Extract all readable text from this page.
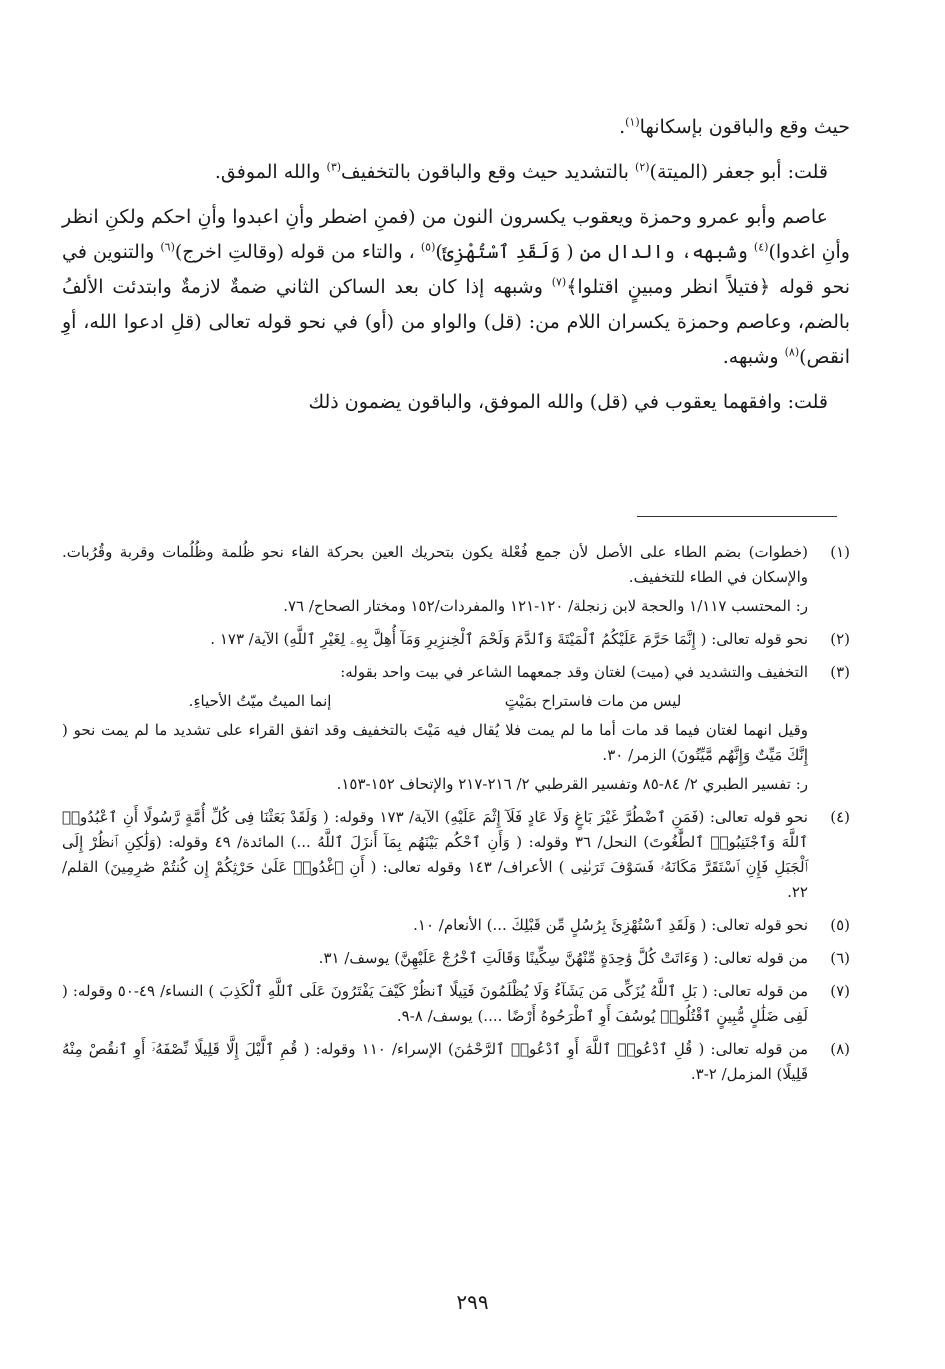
حيث وقع والباقون بإسكانها$^{(١)}$.

قلت: أبو جعفر (الميتة)$^{(٢)}$ بالتشديد حيث وقع والباقون بالتخفيف$^{(٣)}$ والله الموفق.

عاصم وأبو عمرو وحمزة ويعقوب يكسرون النون من (فمنِ اضطر وأنِ اعبدوا وأنِ احكم ولكنِ انظر وأنِ اغدوا)$^{(٤)}$ وشبهه، والدال من ( وَلَقَدِ ٱسْتُهْزِئَ)$^{(٥)}$ ، والتاء من قوله (وقالتِ اخرج)$^{(٦)}$ والتنوين في نحو قوله ﴿فتيلاً انظر ومبينٍ اقتلوا﴾$^{(٧)}$ وشبهه إذا كان بعد الساكن الثاني ضمةٌ لازمةٌ وابتدئت الألفُ بالضم، وعاصم وحمزة يكسران اللام من: (قل) والواو من (أو) في نحو قوله تعالى (قلِ ادعوا الله، أوِ انقص)$^{(٨)}$ وشبهه.

قلت: وافقهما يعقوب في (قل) والله الموفق، والباقون يضمون ذلك

(١)

(خطوات) بضم الطاء على الأصل لأن جمع فُعْلة يكون بتحريك العين بحركة الفاء نحو ظُلمة وظُلُمات وقربة وقُرُبات. والإسكان في الطاء للتخفيف.

ر: المحتسب ١/١١٧ والحجة لابن زنجلة/ ١٢٠-١٢١ والمفردات/١٥٢ ومختار الصحاح/ ٧٦.

(٢)

نحو قوله تعالى: ( إِنَّمَا حَرَّمَ عَلَيْكُمُ ٱلْمَيْتَةَ وَٱلدَّمَ وَلَحْمَ ٱلْخِنزِيرِ وَمَآ أُهِلَّ بِهِۦ لِغَيْرِ ٱللَّهِ) الآية/ ١٧٣ .

(٣)

التخفيف والتشديد في (ميت) لغتان وقد جمعهما الشاعر في بيت واحد بقوله:

ليس من مات فاستراح بمَيْتٍ
إنما الميتُ ميّتُ الأحياءِ.

وقيل انهما لغتان فيما قد مات أما ما لم يمت فلا يُقال فيه مَيْتَ بالتخفيف وقد اتفق القراء على تشديد ما لم يمت نحو ( إِنَّكَ مَيِّتٌ وَإِنَّهُم مَّيِّتُونَ) الزمر/ ٣٠.

ر: تفسير الطبري ٢/ ٨٤-٨٥ وتفسير القرطبي ٢/ ٢١٦-٢١٧ والإتحاف ١٥٢-١٥٣.

(٤)

نحو قوله تعالى: (فَمَنِ ٱضْطُرَّ غَيْرَ بَاغٍ وَلَا عَادٍ فَلَآ إِثْمَ عَلَيْهِ) الآية/ ١٧٣ وقوله: ( وَلَقَدْ بَعَثْنَا فِى كُلِّ أُمَّةٍ رَّسُولًا أَنِ ٱعْبُدُوا۟ ٱللَّهَ وَٱجْتَنِبُوا۟ ٱلطَّٰغُوتَ) النحل/ ٣٦ وقوله: ( وَأَنِ ٱحْكُم بَيْنَهُم بِمَآ أَنزَلَ ٱللَّهُ ...) المائدة/ ٤٩ وقوله: (وَلَٰكِنِ ٱنظُرْ إِلَى ٱلْجَبَلِ فَإِنِ ٱسْتَقَرَّ مَكَانَهُۥ فَسَوْفَ تَرَىٰنِى ) الأعراف/ ١٤٣ وقوله تعالى: ( أَنِ ٱغْدُوا۟ عَلَىٰ حَرْثِكُمْ إِن كُنتُمْ صَٰرِمِينَ) القلم/ ٢٢.

(٥)

نحو قوله تعالى: ( وَلَقَدِ ٱسْتُهْزِئَ بِرُسُلٍ مِّن قَبْلِكَ ...) الأنعام/ ١٠.

(٦)

من قوله تعالى: ( وَءَاتَتْ كُلَّ وَٰحِدَةٍ مِّنْهُنَّ سِكِّينًا وَقَالَتِ ٱخْرُجْ عَلَيْهِنَّ) يوسف/ ٣١.

(٧)

من قوله تعالى: ( بَلِ ٱللَّهُ يُزَكِّى مَن يَشَآءُ وَلَا يُظْلَمُونَ فَتِيلًا ٱنظُرْ كَيْفَ يَفْتَرُونَ عَلَى ٱللَّهِ ٱلْكَذِبَ ) النساء/ ٤٩-٥٠ وقوله: ( لَفِى ضَلَٰلٍ مُّبِينٍ ٱقْتُلُوا۟ يُوسُفَ أَوِ ٱطْرَحُوهُ أَرْضًا ....) يوسف/ ٨-٩.

(٨)

من قوله تعالى: ( قُلِ ٱدْعُوا۟ ٱللَّهَ أَوِ ٱدْعُوا۟ ٱلرَّحْمَٰنَ) الإسراء/ ١١٠ وقوله: ( قُمِ ٱلَّيْلَ إِلَّا قَلِيلًا نِّصْفَهُۥٓ أَوِ ٱنقُصْ مِنْهُ قَلِيلًا) المزمل/ ٢-٣.

٢٩٩
